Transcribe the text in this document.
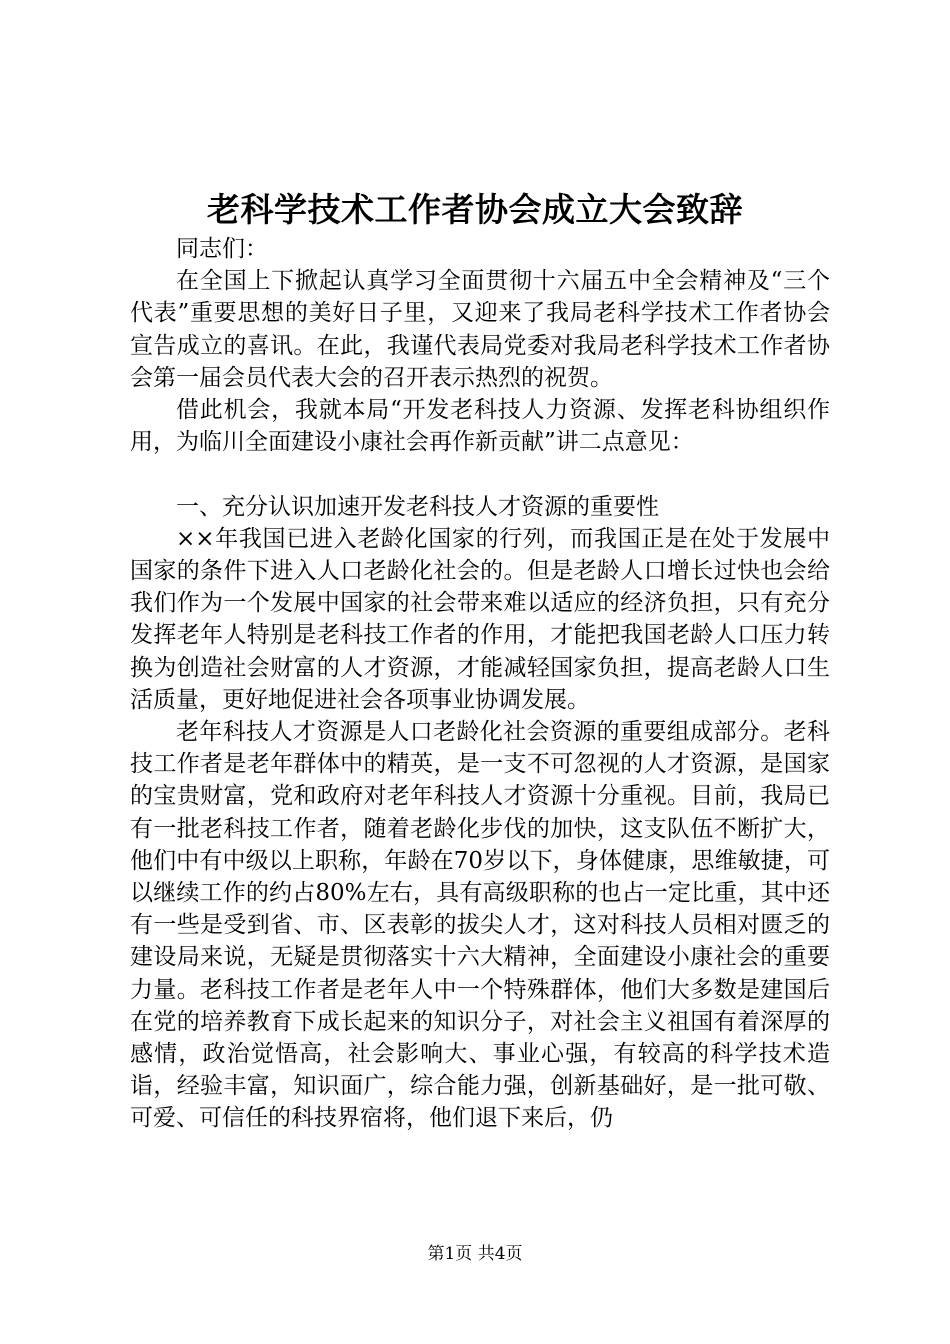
老科学技术工作者协会成立大会致辞

同志们：

在全国上下掀起认真学习全面贯彻十六届五中全会精神及“三个代表”重要思想的美好日子里，又迎来了我局老科学技术工作者协会宣告成立的喜讯。在此，我谨代表局党委对我局老科学技术工作者协会第一届会员代表大会的召开表示热烈的祝贺。

借此机会，我就本局“开发老科技人力资源、发挥老科协组织作用，为临川全面建设小康社会再作新贡献”讲二点意见：

一、充分认识加速开发老科技人才资源的重要性

××年我国已进入老龄化国家的行列，而我国正是在处于发展中国家的条件下进入人口老龄化社会的。但是老龄人口增长过快也会给我们作为一个发展中国家的社会带来难以适应的经济负担，只有充分发挥老年人特别是老科技工作者的作用，才能把我国老龄人口压力转换为创造社会财富的人才资源，才能减轻国家负担，提高老龄人口生活质量，更好地促进社会各项事业协调发展。

老年科技人才资源是人口老龄化社会资源的重要组成部分。老科技工作者是老年群体中的精英，是一支不可忽视的人才资源，是国家的宝贵财富，党和政府对老年科技人才资源十分重视。目前，我局已有一批老科技工作者，随着老龄化步伐的加快，这支队伍不断扩大，他们中有中级以上职称，年龄在70岁以下，身体健康，思维敏捷，可以继续工作的约占80%左右，具有高级职称的也占一定比重，其中还有一些是受到省、市、区表彰的拔尖人才，这对科技人员相对匮乏的建设局来说，无疑是贯彻落实十六大精神，全面建设小康社会的重要力量。老科技工作者是老年人中一个特殊群体，他们大多数是建国后在党的培养教育下成长起来的知识分子，对社会主义祖国有着深厚的感情，政治觉悟高，社会影响大、事业心强，有较高的科学技术造诣，经验丰富，知识面广，综合能力强，创新基础好，是一批可敬、可爱、可信任的科技界宿将，他们退下来后，仍

第1页 共4页
